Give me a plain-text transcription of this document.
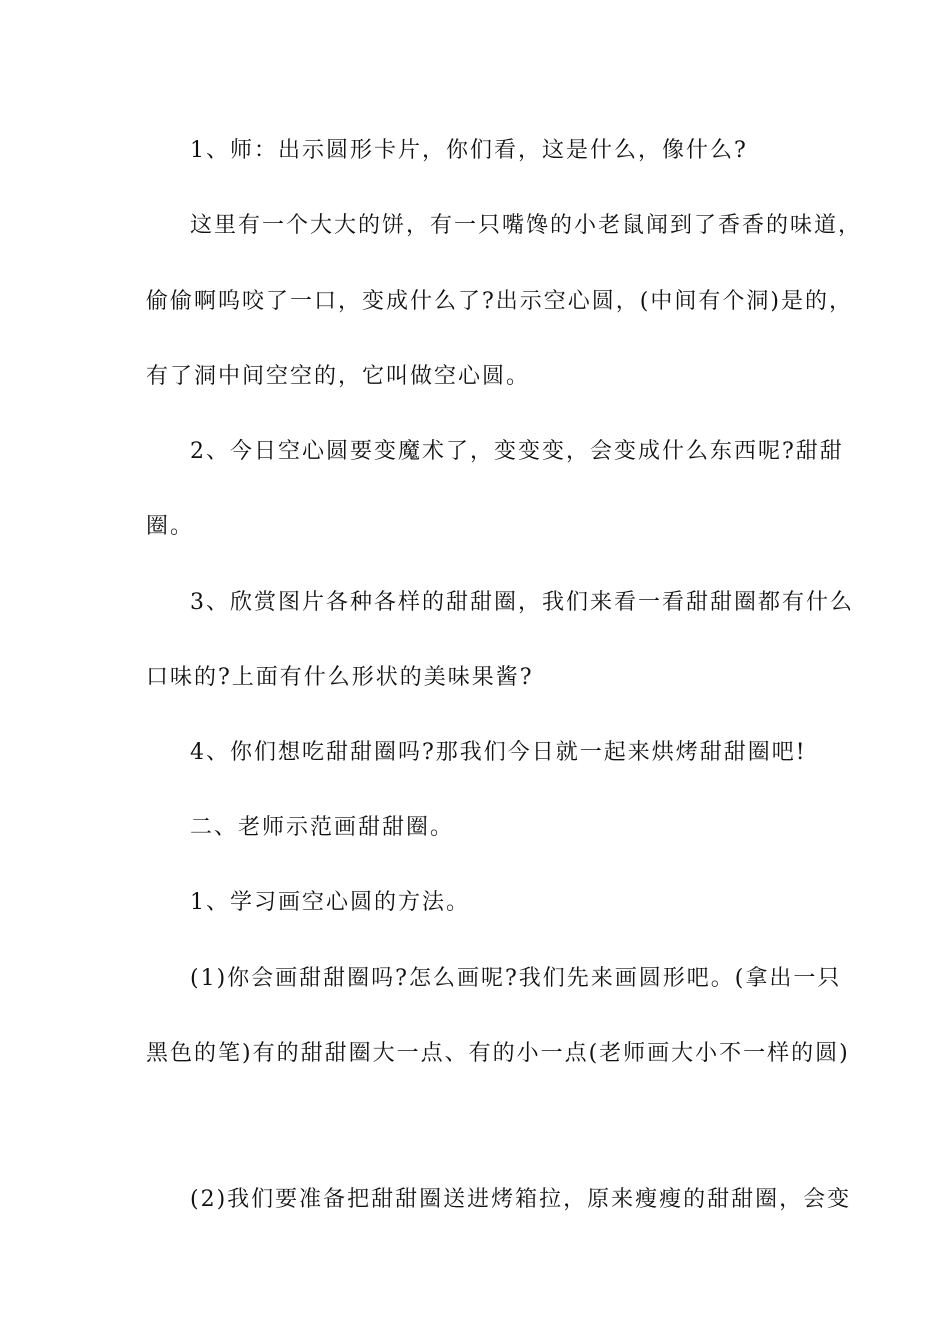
1、师：出示圆形卡片，你们看，这是什么，像什么?
这里有一个大大的饼，有一只嘴馋的小老鼠闻到了香香的味道，
偷偷啊呜咬了一口，变成什么了?出示空心圆，(中间有个洞)是的，
有了洞中间空空的，它叫做空心圆。
2、今日空心圆要变魔术了，变变变，会变成什么东西呢?甜甜
圈。
3、欣赏图片各种各样的甜甜圈，我们来看一看甜甜圈都有什么
口味的?上面有什么形状的美味果酱?
4、你们想吃甜甜圈吗?那我们今日就一起来烘烤甜甜圈吧!
二、老师示范画甜甜圈。
1、学习画空心圆的方法。
(1)你会画甜甜圈吗?怎么画呢?我们先来画圆形吧。(拿出一只
黑色的笔)有的甜甜圈大一点、有的小一点(老师画大小不一样的圆)
(2)我们要准备把甜甜圈送进烤箱拉，原来瘦瘦的甜甜圈，会变
